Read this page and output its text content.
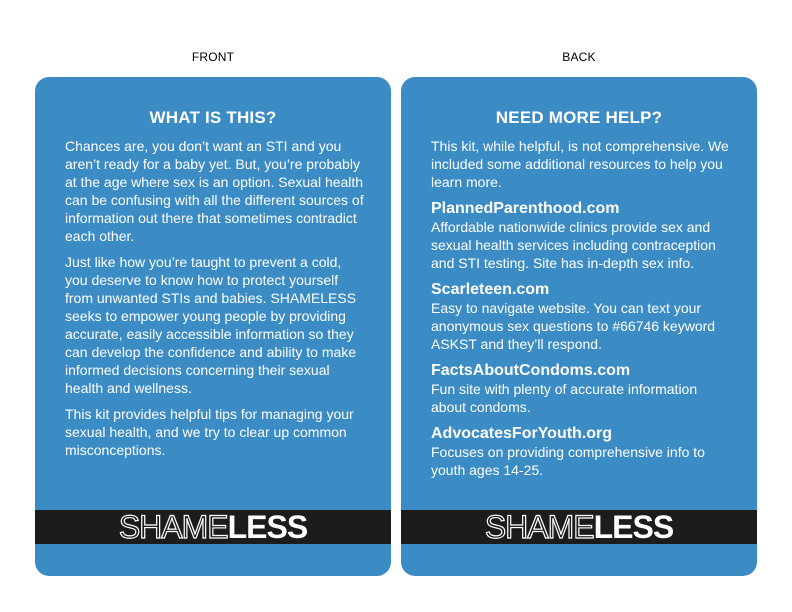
FRONT	BACK
WHAT IS THIS?

Chances are, you don’t want an STI and you aren’t ready for a baby yet. But, you’re probably at the age where sex is an option. Sexual health can be confusing with all the different sources of information out there that sometimes contradict each other.

Just like how you’re taught to prevent a cold, you deserve to know how to protect yourself from unwanted STIs and babies. SHAMELESS seeks to empower young people by providing accurate, easily accessible information so they can develop the confidence and ability to make informed decisions concerning their sexual health and wellness.

This kit provides helpful tips for managing your sexual health, and we try to clear up common misconceptions.

SHAMELESS
NEED MORE HELP?

This kit, while helpful, is not comprehensive. We included some additional resources to help you learn more.

PlannedParenthood.com
Affordable nationwide clinics provide sex and sexual health services including contraception and STI testing. Site has in-depth sex info.
Scarleteen.com
Easy to navigate website. You can text your anonymous sex questions to #66746 keyword ASKST and they’ll respond.
FactsAboutCondoms.com
Fun site with plenty of accurate information about condoms.
AdvocatesForYouth.org
Focuses on providing comprehensive info to youth ages 14-25.
SHAMELESS
